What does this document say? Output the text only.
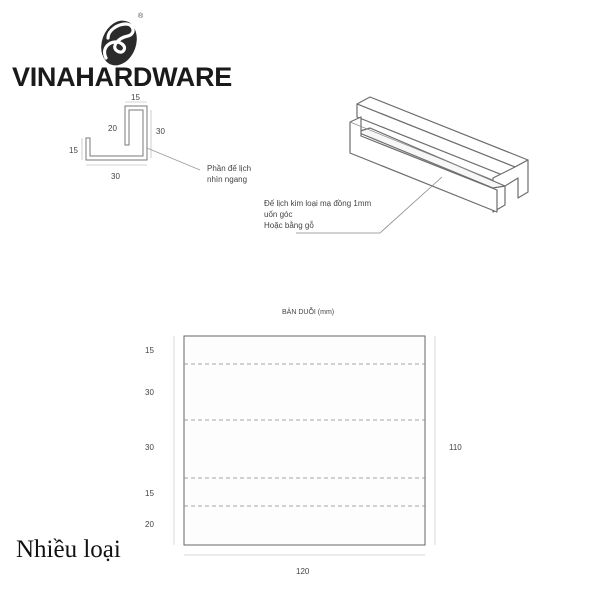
®
VINAHARDWARE
15
20	30
15
30
Phần đế lịch
nhìn ngang
Đế lịch kim loại mạ đồng 1mm
uốn góc
Hoặc bằng gỗ
BẢN DUỖI (mm)
15
30
30
15
20
110
120
Nhiều loại
